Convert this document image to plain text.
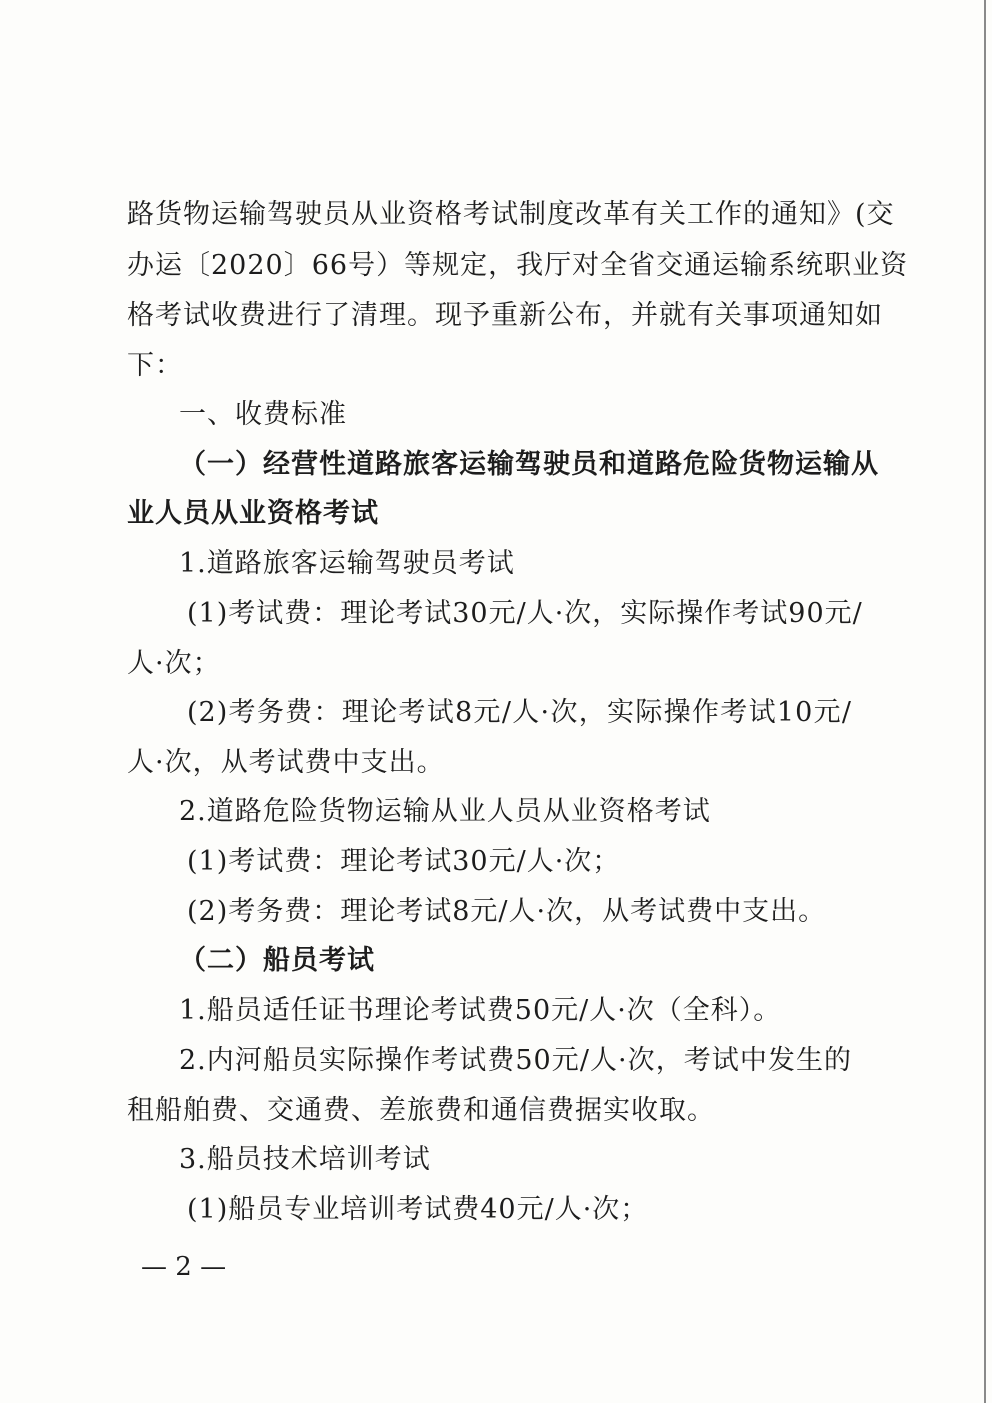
路货物运输驾驶员从业资格考试制度改革有关工作的通知》(交
办运〔2020〕66号）等规定，我厅对全省交通运输系统职业资
格考试收费进行了清理。现予重新公布，并就有关事项通知如
下：
一、收费标准
（一）经营性道路旅客运输驾驶员和道路危险货物运输从
业人员从业资格考试
1.道路旅客运输驾驶员考试
(1)考试费：理论考试30元/人·次，实际操作考试90元/
人·次；
(2)考务费：理论考试8元/人·次，实际操作考试10元/
人·次，从考试费中支出。
2.道路危险货物运输从业人员从业资格考试
(1)考试费：理论考试30元/人·次；
(2)考务费：理论考试8元/人·次，从考试费中支出。
（二）船员考试
1.船员适任证书理论考试费50元/人·次（全科）。
2.内河船员实际操作考试费50元/人·次，考试中发生的
租船舶费、交通费、差旅费和通信费据实收取。
3.船员技术培训考试
(1)船员专业培训考试费40元/人·次；
— 2 —
